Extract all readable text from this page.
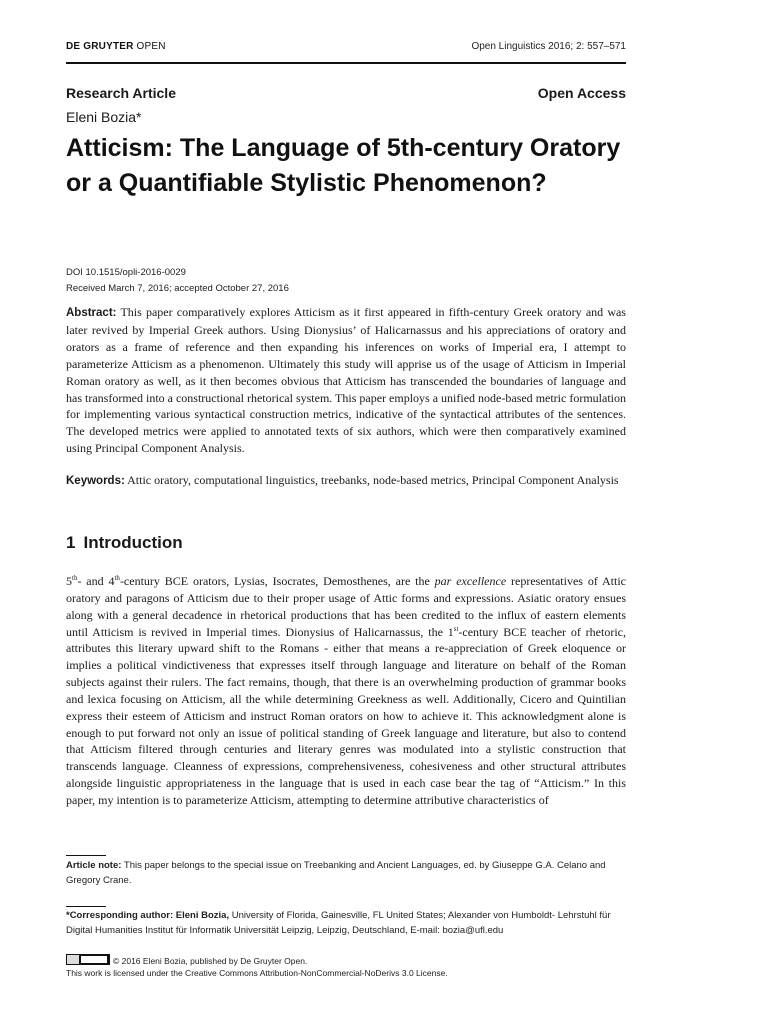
DE GRUYTER OPEN	Open Linguistics 2016; 2: 557–571
Research Article	Open Access
Eleni Bozia*
Atticism: The Language of 5th-century Oratory or a Quantifiable Stylistic Phenomenon?
DOI 10.1515/opli-2016-0029
Received March 7, 2016; accepted October 27, 2016

Abstract: This paper comparatively explores Atticism as it first appeared in fifth-century Greek oratory and was later revived by Imperial Greek authors. Using Dionysius’ of Halicarnassus and his appreciations of oratory and orators as a frame of reference and then expanding his inferences on works of Imperial era, I attempt to parameterize Atticism as a phenomenon. Ultimately this study will apprise us of the usage of Atticism in Imperial Roman oratory as well, as it then becomes obvious that Atticism has transcended the boundaries of language and has transformed into a constructional rhetorical system. This paper employs a unified node-based metric formulation for implementing various syntactical construction metrics, indicative of the syntactical attributes of the sentences. The developed metrics were applied to annotated texts of six authors, which were then comparatively examined using Principal Component Analysis.

Keywords: Attic oratory, computational linguistics, treebanks, node-based metrics, Principal Component Analysis

1 Introduction

5th- and 4th-century BCE orators, Lysias, Isocrates, Demosthenes, are the par excellence representatives of Attic oratory and paragons of Atticism due to their proper usage of Attic forms and expressions. Asiatic oratory ensues along with a general decadence in rhetorical productions that has been credited to the influx of eastern elements until Atticism is revived in Imperial times. Dionysius of Halicarnassus, the 1st-century BCE teacher of rhetoric, attributes this literary upward shift to the Romans - either that means a re-appreciation of Greek eloquence or implies a political vindictiveness that expresses itself through language and literature on behalf of the Roman subjects against their rulers. The fact remains, though, that there is an overwhelming production of grammar books and lexica focusing on Atticism, all the while determining Greekness as well. Additionally, Cicero and Quintilian express their esteem of Atticism and instruct Roman orators on how to achieve it. This acknowledgment alone is enough to put forward not only an issue of political standing of Greek language and literature, but also to contend that Atticism filtered through centuries and literary genres was modulated into a stylistic construction that transcends language. Cleanness of expressions, comprehensiveness, cohesiveness and other structural attributes alongside linguistic appropriateness in the language that is used in each case bear the tag of “Atticism.” In this paper, my intention is to parameterize Atticism, attempting to determine attributive characteristics of

Article note: This paper belongs to the special issue on Treebanking and Ancient Languages, ed. by Giuseppe G.A. Celano and Gregory Crane.

*Corresponding author: Eleni Bozia, University of Florida, Gainesville, FL United States; Alexander von Humboldt- Lehrstuhl für Digital Humanities Institut für Informatik Universität Leipzig, Leipzig, Deutschland, E-mail: bozia@ufl.edu

© 2016 Eleni Bozia, published by De Gruyter Open.
This work is licensed under the Creative Commons Attribution-NonCommercial-NoDerivs 3.0 License.
